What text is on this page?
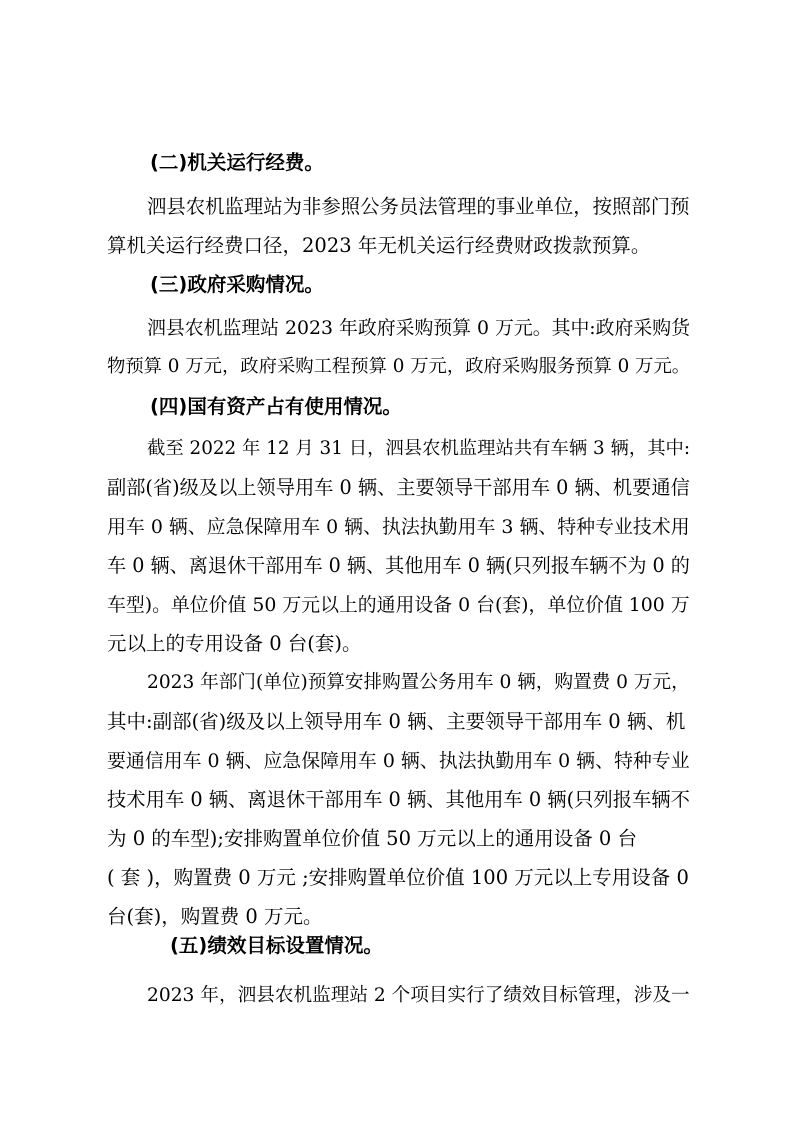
(二)机关运行经费。
泗县农机监理站为非参照公务员法管理的事业单位，按照部门预
算机关运行经费口径，2023 年无机关运行经费财政拨款预算。
(三)政府采购情况。
泗县农机监理站 2023 年政府采购预算 0 万元。其中:政府采购货
物预算 0 万元，政府采购工程预算 0 万元，政府采购服务预算 0 万元。
(四)国有资产占有使用情况。
截至 2022 年 12 月 31 日，泗县农机监理站共有车辆 3 辆，其中:
副部(省)级及以上领导用车 0 辆、主要领导干部用车 0 辆、机要通信
用车 0 辆、应急保障用车 0 辆、执法执勤用车 3 辆、特种专业技术用
车 0 辆、离退休干部用车 0 辆、其他用车 0 辆(只列报车辆不为 0 的
车型)。单位价值 50 万元以上的通用设备 0 台(套)，单位价值 100 万
元以上的专用设备 0 台(套)。
2023 年部门(单位)预算安排购置公务用车 0 辆，购置费 0 万元，
其中:副部(省)级及以上领导用车 0 辆、主要领导干部用车 0 辆、机
要通信用车 0 辆、应急保障用车 0 辆、执法执勤用车 0 辆、特种专业
技术用车 0 辆、离退休干部用车 0 辆、其他用车 0 辆(只列报车辆不
为 0 的车型);安排购置单位价值 50 万元以上的通用设备 0 台
( 套 )，购置费 0 万元 ;安排购置单位价值 100 万元以上专用设备 0
台(套)，购置费 0 万元。
(五)绩效目标设置情况。
2023 年，泗县农机监理站 2 个项目实行了绩效目标管理，涉及一
